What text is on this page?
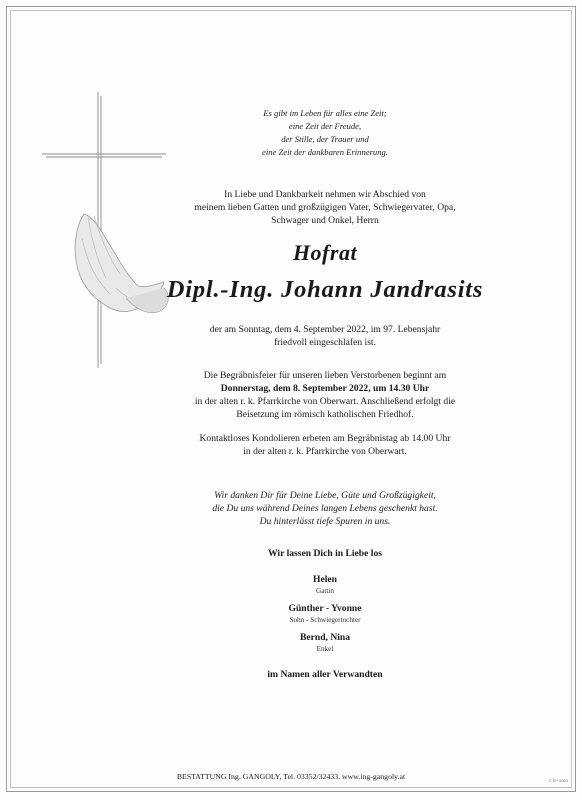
Es gibt im Leben für alles eine Zeit;
eine Zeit der Freude,
der Stille, der Trauer und
eine Zeit der dankbaren Erinnerung.
In Liebe und Dankbarkeit nehmen wir Abschied von
meinem lieben Gatten und großzügigen Vater, Schwiegervater, Opa,
Schwager und Onkel, Herrn
Hofrat
Dipl.-Ing. Johann Jandrasits
der am Sonntag, dem 4. September 2022, im 97. Lebensjahr
friedvoll eingeschlafen ist.
Die Begräbnisfeier für unseren lieben Verstorbenen beginnt am
Donnerstag, dem 8. September 2022, um 14.30 Uhr
in der alten r. k. Pfarrkirche von Oberwart. Anschließend erfolgt die
Beisetzung im römisch katholischen Friedhof.
Kontaktloses Kondolieren erbeten am Begräbnistag ab 14.00 Uhr
in der alten r. k. Pfarrkirche von Oberwart.
Wir danken Dir für Deine Liebe, Güte und Großzügigkeit,
die Du uns während Deines langen Lebens geschenkt hast.
Du hinterlässt tiefe Spuren in uns.
Wir lassen Dich in Liebe los
Helen
Gattin
Günther - Yvonne
Sohn - Schwiegertochter
Bernd, Nina
Enkel
im Namen aller Verwandten
BESTATTUNG Ing. GANGOLY, Tel. 03352/32433, www.ing-gangoly.at	© EP 9063
